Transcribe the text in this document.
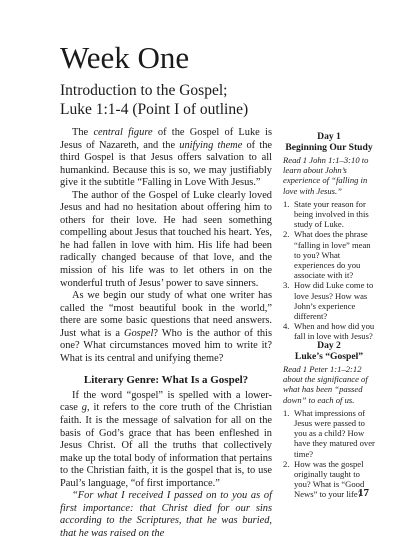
Week One
Introduction to the Gospel;
Luke 1:1-4 (Point I of outline)

The central figure of the Gospel of Luke is Jesus of Nazareth, and the unifying theme of the third Gospel is that Jesus offers salvation to all humankind. Because this is so, we may justifiably give it the subtitle “Falling in Love With Jesus.”

The author of the Gospel of Luke clearly loved Jesus and had no hesitation about offering him to others for their love. He had seen something compelling about Jesus that touched his heart. Yes, he had fallen in love with him. His life had been radically changed because of that love, and the mission of his life was to let others in on the wonderful truth of Jesus’ power to save sinners.

As we begin our study of what one writer has called the “most beautiful book in the world,” there are some basic questions that need answers. Just what is a Gospel? Who is the author of this one? What circumstances moved him to write it? What is its central and unifying theme?

Literary Genre: What Is a Gospel?

If the word “gospel” is spelled with a lower-case g, it refers to the core truth of the Christian faith. It is the message of salvation for all on the basis of God’s grace that has been enfleshed in Jesus Christ. Of all the truths that collectively make up the total body of information that pertains to the Christian faith, it is the gospel that is, to use Paul’s language, “of first importance.”

“For what I received I passed on to you as of first importance: that Christ died for our sins according to the Scriptures, that he was buried, that he was raised on the

Day 1
Beginning Our Study
Read 1 John 1:1–3:10 to learn about John’s experience of “falling in love with Jesus.”
1. State your reason for being involved in this study of Luke.
2. What does the phrase “falling in love” mean to you? What experiences do you associate with it?
3. How did Luke come to love Jesus? How was John’s experience different?
4. When and how did you fall in love with Jesus?
Day 2
Luke’s “Gospel”
Read 1 Peter 1:1–2:12 about the significance of what has been “passed down” to each of us.
1. What impressions of Jesus were passed to you as a child? How have they matured over time?
2. How was the gospel originally taught to you? What is “Good News” to your life?
17
